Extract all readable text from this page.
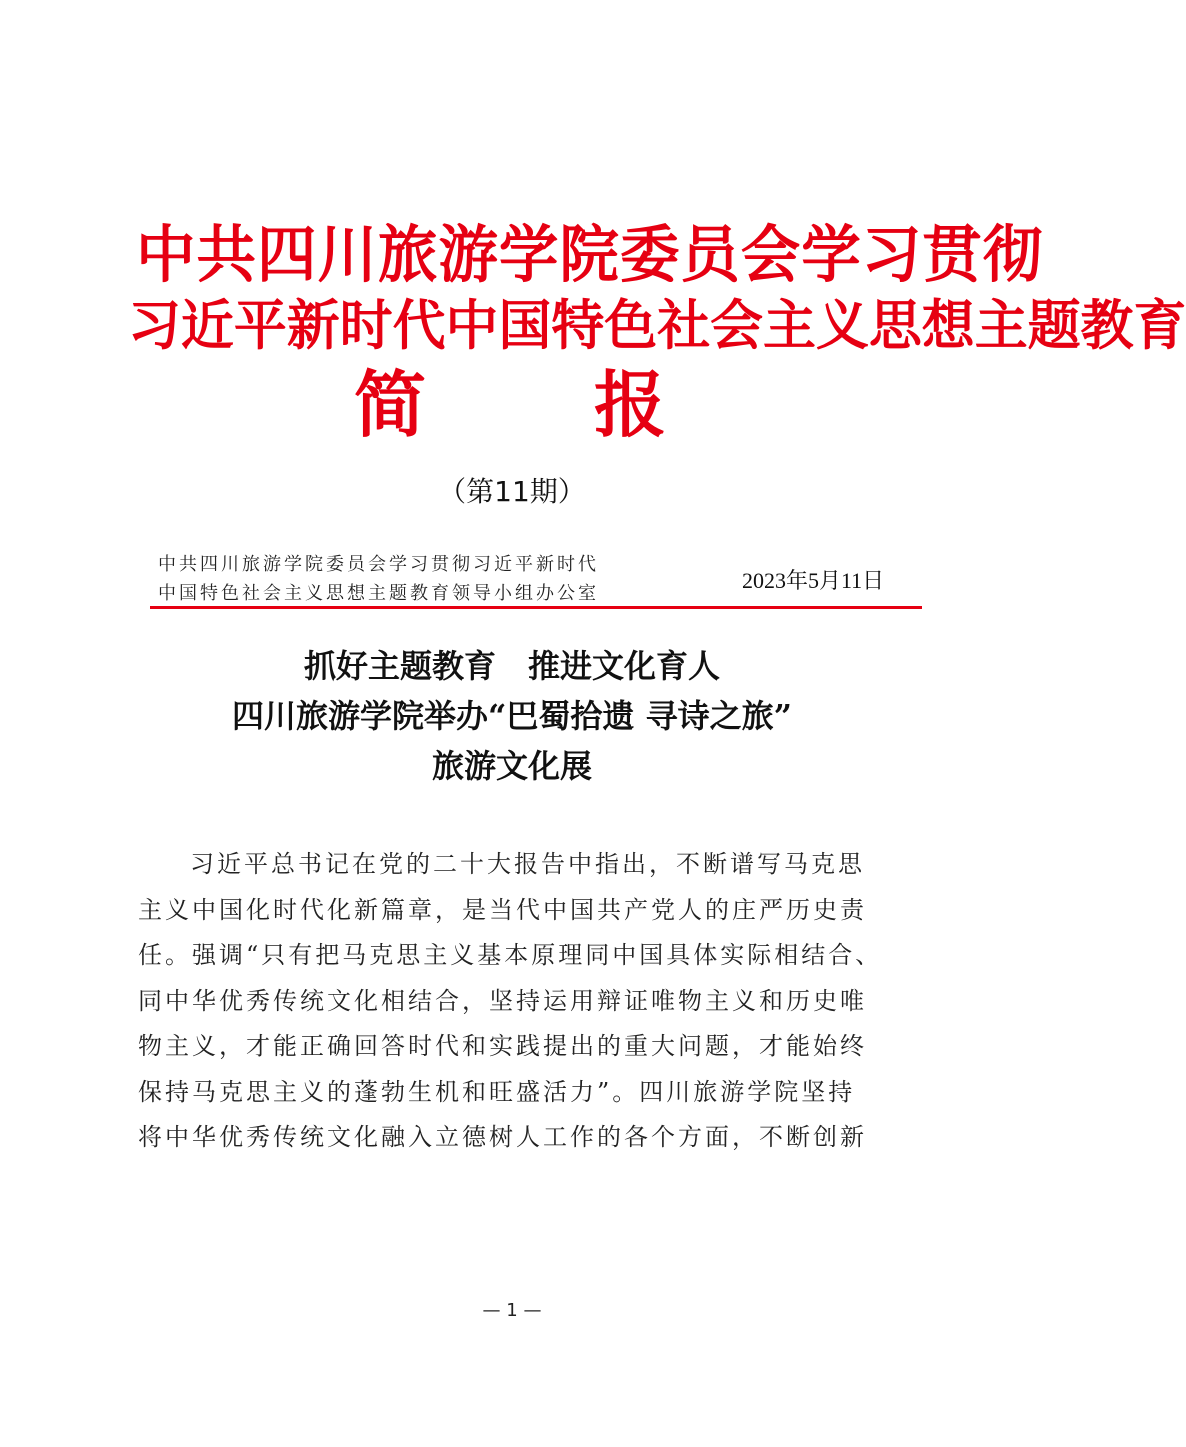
中共四川旅游学院委员会学习贯彻
习近平新时代中国特色社会主义思想主题教育
简 报
（第11期）
中共四川旅游学院委员会学习贯彻习近平新时代
中国特色社会主义思想主题教育领导小组办公室
2023年5月11日
抓好主题教育　推进文化育人
四川旅游学院举办“巴蜀拾遗 寻诗之旅”
旅游文化展
习近平总书记在党的二十大报告中指出，不断谱写马克思
主义中国化时代化新篇章，是当代中国共产党人的庄严历史责
任。强调“只有把马克思主义基本原理同中国具体实际相结合、
同中华优秀传统文化相结合，坚持运用辩证唯物主义和历史唯
物主义，才能正确回答时代和实践提出的重大问题，才能始终
保持马克思主义的蓬勃生机和旺盛活力”。四川旅游学院坚持
将中华优秀传统文化融入立德树人工作的各个方面，不断创新
— 1 —
